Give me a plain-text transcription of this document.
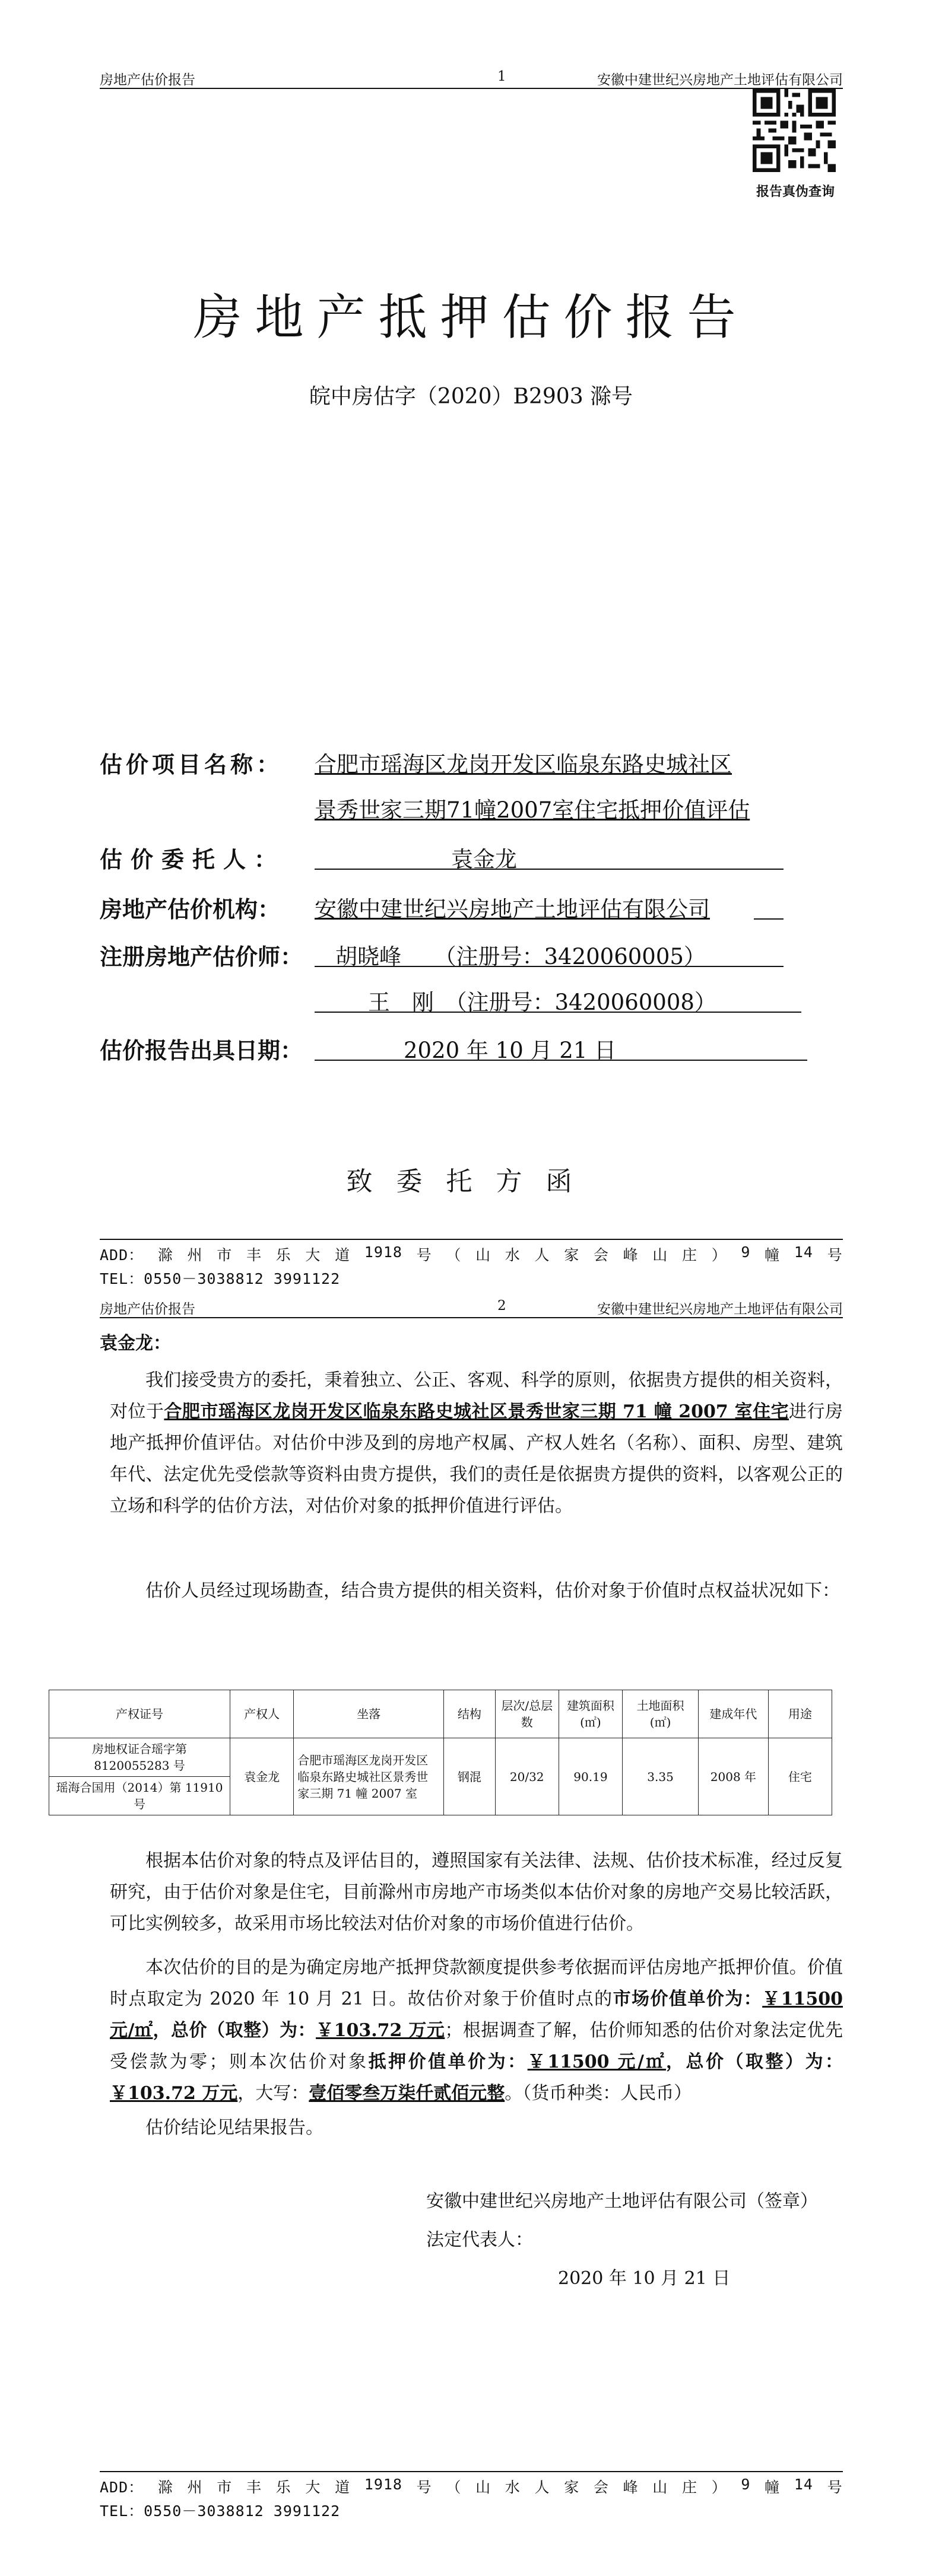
房地产估价报告	1	安徽中建世纪兴房地产土地评估有限公司
报告真伪查询
房地产抵押估价报告
皖中房估字（2020）B2903 滁号
估价项目名称： 合肥市瑶海区龙岗开发区临泉东路史城社区
景秀世家三期71幢2007室住宅抵押价值评估
估价委托人：	袁金龙
房地产估价机构： 安徽中建世纪兴房地产土地评估有限公司
注册房地产估价师： 胡晓峰　　（注册号：3420060005）
王　刚　（注册号：3420060008）
估价报告出具日期：	2020 年 10 月 21 日
致委托方函
ADD： 滁 州 市 丰 乐 大 道 1918 号 （ 山 水 人 家 会 峰 山 庄 ） 9 幢 14 号
TEL：0550－3038812 3991122
房地产估价报告	2	安徽中建世纪兴房地产土地评估有限公司
袁金龙：
我们接受贵方的委托，秉着独立、公正、客观、科学的原则，依据贵方提供的相关资料，对位于合肥市瑶海区龙岗开发区临泉东路史城社区景秀世家三期 71 幢 2007 室住宅进行房地产抵押价值评估。对估价中涉及到的房地产权属、产权人姓名（名称）、面积、房型、建筑年代、法定优先受偿款等资料由贵方提供，我们的责任是依据贵方提供的资料，以客观公正的立场和科学的估价方法，对估价对象的抵押价值进行评估。
估价人员经过现场勘查，结合贵方提供的相关资料，估价对象于价值时点权益状况如下：
产权证号	产权人	坐落	结构	层次/总层数	建筑面积(㎡)	土地面积(㎡)	建成年代	用途
房地权证合瑶字第 8120055283 号	袁金龙	合肥市瑶海区龙岗开发区临泉东路史城社区景秀世家三期 71 幢 2007 室	钢混	20/32	90.19	3.35	2008 年	住宅
瑶海合国用（2014）第 11910 号								
根据本估价对象的特点及评估目的，遵照国家有关法律、法规、估价技术标准，经过反复研究，由于估价对象是住宅，目前滁州市房地产市场类似本估价对象的房地产交易比较活跃，可比实例较多，故采用市场比较法对估价对象的市场价值进行估价。
本次估价的目的是为确定房地产抵押贷款额度提供参考依据而评估房地产抵押价值。价值时点取定为 2020 年 10 月 21 日。故估价对象于价值时点的市场价值单价为：￥11500 元/㎡，总价（取整）为：￥103.72 万元；根据调查了解，估价师知悉的估价对象法定优先受偿款为零；则本次估价对象抵押价值单价为：￥11500 元/㎡，总价（取整）为：￥103.72 万元，大写：壹佰零叁万柒仟贰佰元整。（货币种类：人民币）
估价结论见结果报告。
安徽中建世纪兴房地产土地评估有限公司（签章）
法定代表人：
2020 年 10 月 21 日
ADD： 滁 州 市 丰 乐 大 道 1918 号 （ 山 水 人 家 会 峰 山 庄 ） 9 幢 14 号
TEL：0550－3038812 3991122
